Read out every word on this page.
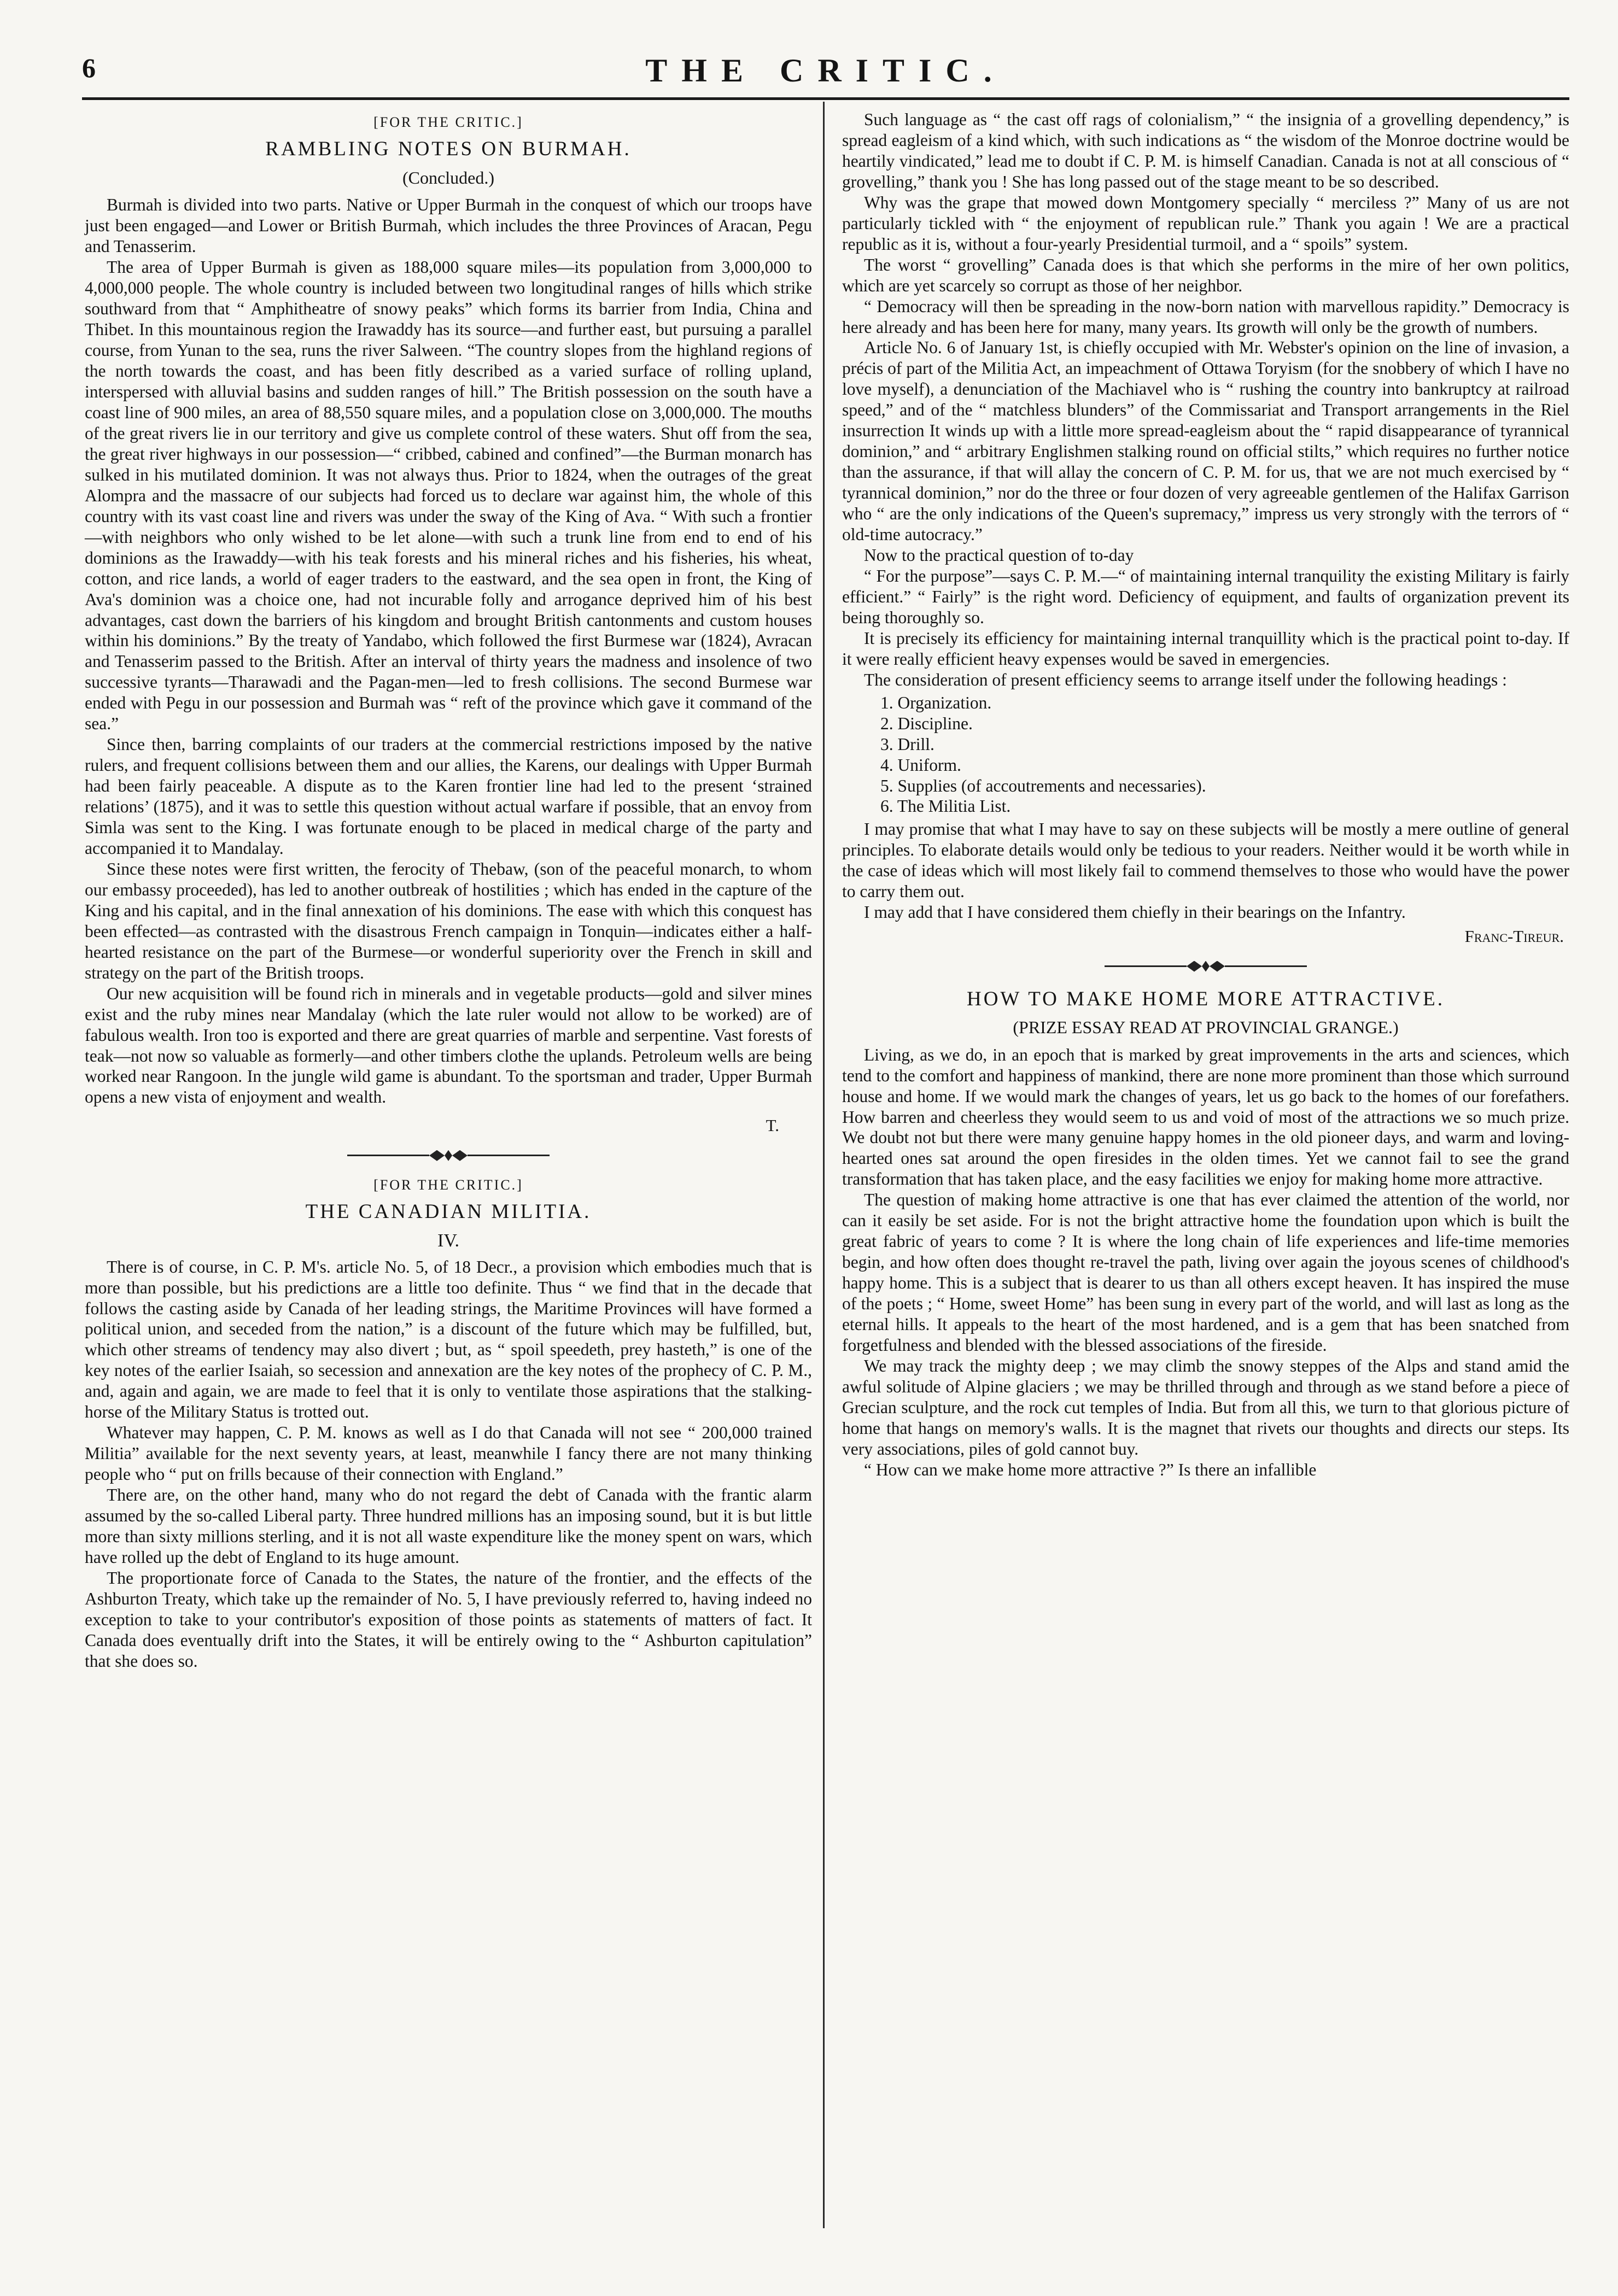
6	THE CRITIC.
[FOR THE CRITIC.]
RAMBLING NOTES ON BURMAH.
(Concluded.)

Burmah is divided into two parts. Native or Upper Burmah in the conquest of which our troops have just been engaged—and Lower or British Burmah, which includes the three Provinces of Aracan, Pegu and Tenasserim.

The area of Upper Burmah is given as 188,000 square miles—its population from 3,000,000 to 4,000,000 people. The whole country is included between two longitudinal ranges of hills which strike southward from that “ Amphitheatre of snowy peaks” which forms its barrier from India, China and Thibet. In this mountainous region the Irawaddy has its source—and further east, but pursuing a parallel course, from Yunan to the sea, runs the river Salween. “The country slopes from the highland regions of the north towards the coast, and has been fitly described as a varied surface of rolling upland, interspersed with alluvial basins and sudden ranges of hill.” The British possession on the south have a coast line of 900 miles, an area of 88,550 square miles, and a population close on 3,000,000. The mouths of the great rivers lie in our territory and give us complete control of these waters. Shut off from the sea, the great river highways in our possession—“ cribbed, cabined and confined”—the Burman monarch has sulked in his mutilated dominion. It was not always thus. Prior to 1824, when the outrages of the great Alompra and the massacre of our subjects had forced us to declare war against him, the whole of this country with its vast coast line and rivers was under the sway of the King of Ava. “ With such a frontier—with neighbors who only wished to be let alone—with such a trunk line from end to end of his dominions as the Irawaddy—with his teak forests and his mineral riches and his fisheries, his wheat, cotton, and rice lands, a world of eager traders to the eastward, and the sea open in front, the King of Ava's dominion was a choice one, had not incurable folly and arrogance deprived him of his best advantages, cast down the barriers of his kingdom and brought British cantonments and custom houses within his dominions.” By the treaty of Yandabo, which followed the first Burmese war (1824), Avracan and Tenasserim passed to the British. After an interval of thirty years the madness and insolence of two successive tyrants—Tharawadi and the Pagan-men—led to fresh collisions. The second Burmese war ended with Pegu in our possession and Burmah was “ reft of the province which gave it command of the sea.”

Since then, barring complaints of our traders at the commercial restrictions imposed by the native rulers, and frequent collisions between them and our allies, the Karens, our dealings with Upper Burmah had been fairly peaceable. A dispute as to the Karen frontier line had led to the present ‘strained relations’ (1875), and it was to settle this question without actual warfare if possible, that an envoy from Simla was sent to the King. I was fortunate enough to be placed in medical charge of the party and accompanied it to Mandalay.

Since these notes were first written, the ferocity of Thebaw, (son of the peaceful monarch, to whom our embassy proceeded), has led to another outbreak of hostilities ; which has ended in the capture of the King and his capital, and in the final annexation of his dominions. The ease with which this conquest has been effected—as contrasted with the disastrous French campaign in Tonquin—indicates either a half-hearted resistance on the part of the Burmese—or wonderful superiority over the French in skill and strategy on the part of the British troops.

Our new acquisition will be found rich in minerals and in vegetable products—gold and silver mines exist and the ruby mines near Mandalay (which the late ruler would not allow to be worked) are of fabulous wealth. Iron too is exported and there are great quarries of marble and serpentine. Vast forests of teak—not now so valuable as formerly—and other timbers clothe the uplands. Petroleum wells are being worked near Rangoon. In the jungle wild game is abundant. To the sportsman and trader, Upper Burmah opens a new vista of enjoyment and wealth.

T.
[FOR THE CRITIC.]
THE CANADIAN MILITIA.
IV.

There is of course, in C. P. M's. article No. 5, of 18 Decr., a provision which embodies much that is more than possible, but his predictions are a little too definite. Thus “ we find that in the decade that follows the casting aside by Canada of her leading strings, the Maritime Provinces will have formed a political union, and seceded from the nation,” is a discount of the future which may be fulfilled, but, which other streams of tendency may also divert ; but, as “ spoil speedeth, prey hasteth,” is one of the key notes of the earlier Isaiah, so secession and annexation are the key notes of the prophecy of C. P. M., and, again and again, we are made to feel that it is only to ventilate those aspirations that the stalking-horse of the Military Status is trotted out.

Whatever may happen, C. P. M. knows as well as I do that Canada will not see “ 200,000 trained Militia” available for the next seventy years, at least, meanwhile I fancy there are not many thinking people who “ put on frills because of their connection with England.”

There are, on the other hand, many who do not regard the debt of Canada with the frantic alarm assumed by the so-called Liberal party. Three hundred millions has an imposing sound, but it is but little more than sixty millions sterling, and it is not all waste expenditure like the money spent on wars, which have rolled up the debt of England to its huge amount.

The proportionate force of Canada to the States, the nature of the frontier, and the effects of the Ashburton Treaty, which take up the remainder of No. 5, I have previously referred to, having indeed no exception to take to your contributor's exposition of those points as statements of matters of fact. It Canada does eventually drift into the States, it will be entirely owing to the “ Ashburton capitulation” that she does so.

Such language as “ the cast off rags of colonialism,” “ the insignia of a grovelling dependency,” is spread eagleism of a kind which, with such indications as “ the wisdom of the Monroe doctrine would be heartily vindicated,” lead me to doubt if C. P. M. is himself Canadian. Canada is not at all conscious of “ grovelling,” thank you ! She has long passed out of the stage meant to be so described.

Why was the grape that mowed down Montgomery specially “ merciless ?” Many of us are not particularly tickled with “ the enjoyment of republican rule.” Thank you again ! We are a practical republic as it is, without a four-yearly Presidential turmoil, and a “ spoils” system.

The worst “ grovelling” Canada does is that which she performs in the mire of her own politics, which are yet scarcely so corrupt as those of her neighbor.

“ Democracy will then be spreading in the now-born nation with marvellous rapidity.” Democracy is here already and has been here for many, many years. Its growth will only be the growth of numbers.

Article No. 6 of January 1st, is chiefly occupied with Mr. Webster's opinion on the line of invasion, a précis of part of the Militia Act, an impeachment of Ottawa Toryism (for the snobbery of which I have no love myself), a denunciation of the Machiavel who is “ rushing the country into bankruptcy at railroad speed,” and of the “ matchless blunders” of the Commissariat and Transport arrangements in the Riel insurrection It winds up with a little more spread-eagleism about the “ rapid disappearance of tyrannical dominion,” and “ arbitrary Englishmen stalking round on official stilts,” which requires no further notice than the assurance, if that will allay the concern of C. P. M. for us, that we are not much exercised by “ tyrannical dominion,” nor do the three or four dozen of very agreeable gentlemen of the Halifax Garrison who “ are the only indications of the Queen's supremacy,” impress us very strongly with the terrors of “ old-time autocracy.”

Now to the practical question of to-day

“ For the purpose”—says C. P. M.—“ of maintaining internal tranquility the existing Military is fairly efficient.” “ Fairly” is the right word. Deficiency of equipment, and faults of organization prevent its being thoroughly so.

It is precisely its efficiency for maintaining internal tranquillity which is the practical point to-day. If it were really efficient heavy expenses would be saved in emergencies.

The consideration of present efficiency seems to arrange itself under the following headings :

1. Organization.
2. Discipline.
3. Drill.
4. Uniform.
5. Supplies (of accoutrements and necessaries).
6. The Militia List.

I may promise that what I may have to say on these subjects will be mostly a mere outline of general principles. To elaborate details would only be tedious to your readers. Neither would it be worth while in the case of ideas which will most likely fail to commend themselves to those who would have the power to carry them out.

I may add that I have considered them chiefly in their bearings on the Infantry.

Franc-Tireur.
HOW TO MAKE HOME MORE ATTRACTIVE.
(PRIZE ESSAY READ AT PROVINCIAL GRANGE.)

Living, as we do, in an epoch that is marked by great improvements in the arts and sciences, which tend to the comfort and happiness of mankind, there are none more prominent than those which surround house and home. If we would mark the changes of years, let us go back to the homes of our forefathers. How barren and cheerless they would seem to us and void of most of the attractions we so much prize. We doubt not but there were many genuine happy homes in the old pioneer days, and warm and loving-hearted ones sat around the open firesides in the olden times. Yet we cannot fail to see the grand transformation that has taken place, and the easy facilities we enjoy for making home more attractive.

The question of making home attractive is one that has ever claimed the attention of the world, nor can it easily be set aside. For is not the bright attractive home the foundation upon which is built the great fabric of years to come ? It is where the long chain of life experiences and life-time memories begin, and how often does thought re-travel the path, living over again the joyous scenes of childhood's happy home. This is a subject that is dearer to us than all others except heaven. It has inspired the muse of the poets ; “ Home, sweet Home” has been sung in every part of the world, and will last as long as the eternal hills. It appeals to the heart of the most hardened, and is a gem that has been snatched from forgetfulness and blended with the blessed associations of the fireside.

We may track the mighty deep ; we may climb the snowy steppes of the Alps and stand amid the awful solitude of Alpine glaciers ; we may be thrilled through and through as we stand before a piece of Grecian sculpture, and the rock cut temples of India. But from all this, we turn to that glorious picture of home that hangs on memory's walls. It is the magnet that rivets our thoughts and directs our steps. Its very associations, piles of gold cannot buy.

“ How can we make home more attractive ?” Is there an infallible
